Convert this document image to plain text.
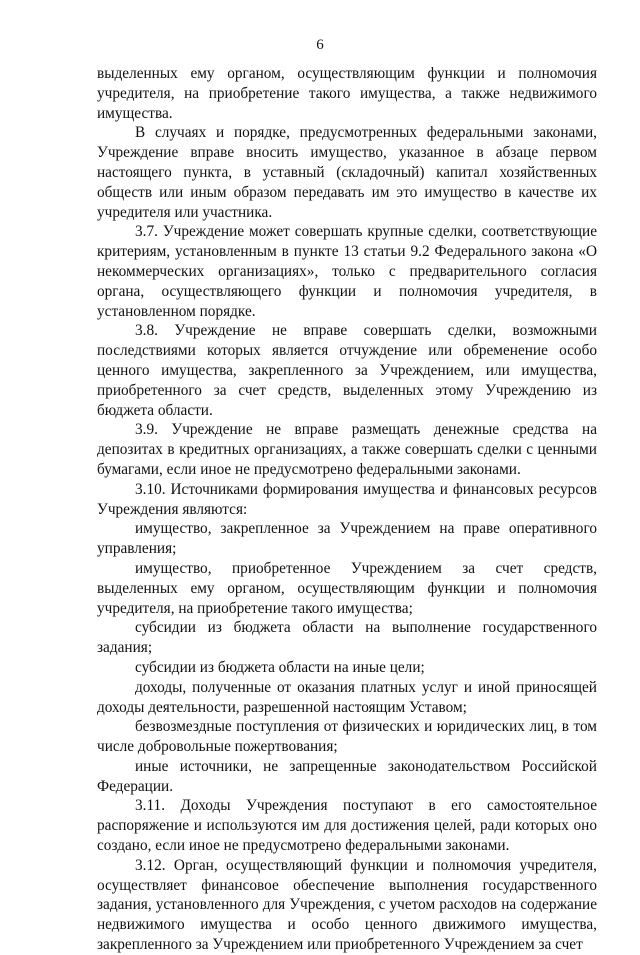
6

выделенных ему органом, осуществляющим функции и полномочия учредителя, на приобретение такого имущества, а также недвижимого имущества.

В случаях и порядке, предусмотренных федеральными законами, Учреждение вправе вносить имущество, указанное в абзаце первом настоящего пункта, в уставный (складочный) капитал хозяйственных обществ или иным образом передавать им это имущество в качестве их учредителя или участника.

3.7. Учреждение может совершать крупные сделки, соответствующие критериям, установленным в пункте 13 статьи 9.2 Федерального закона «О некоммерческих организациях», только с предварительного согласия органа, осуществляющего функции и полномочия учредителя, в установленном порядке.

3.8. Учреждение не вправе совершать сделки, возможными последствиями которых является отчуждение или обременение особо ценного имущества, закрепленного за Учреждением, или имущества, приобретенного за счет средств, выделенных этому Учреждению из бюджета области.

3.9. Учреждение не вправе размещать денежные средства на депозитах в кредитных организациях, а также совершать сделки с ценными бумагами, если иное не предусмотрено федеральными законами.

3.10. Источниками формирования имущества и финансовых ресурсов Учреждения являются:

имущество, закрепленное за Учреждением на праве оперативного управления;

имущество, приобретенное Учреждением за счет средств, выделенных ему органом, осуществляющим функции и полномочия учредителя, на приобретение такого имущества;

субсидии из бюджета области на выполнение государственного задания;

субсидии из бюджета области на иные цели;

доходы, полученные от оказания платных услуг и иной приносящей доходы деятельности, разрешенной настоящим Уставом;

безвозмездные поступления от физических и юридических лиц, в том числе добровольные пожертвования;

иные источники, не запрещенные законодательством Российской Федерации.

3.11. Доходы Учреждения поступают в его самостоятельное распоряжение и используются им для достижения целей, ради которых оно создано, если иное не предусмотрено федеральными законами.

3.12. Орган, осуществляющий функции и полномочия учредителя, осуществляет финансовое обеспечение выполнения государственного задания, установленного для Учреждения, с учетом расходов на содержание недвижимого имущества и особо ценного движимого имущества, закрепленного за Учреждением или приобретенного Учреждением за счет
